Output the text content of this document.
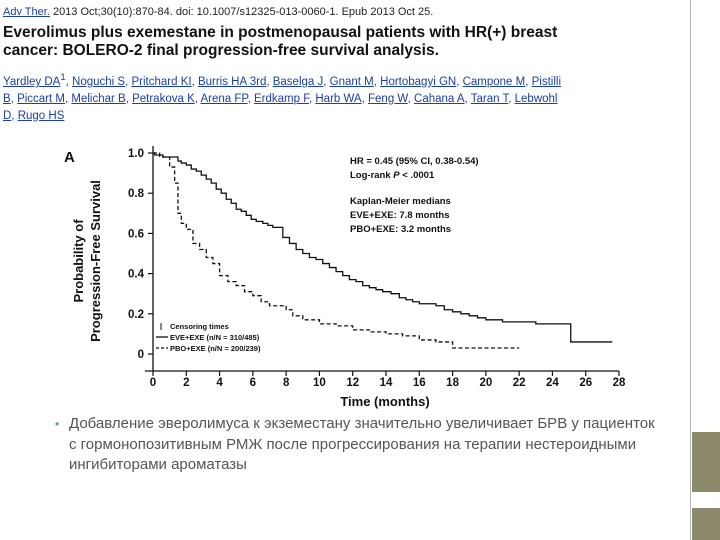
Adv Ther. 2013 Oct;30(10):870-84. doi: 10.1007/s12325-013-0060-1. Epub 2013 Oct 25.
Everolimus plus exemestane in postmenopausal patients with HR(+) breast cancer: BOLERO-2 final progression-free survival analysis.
Yardley $DA^1$, Noguchi S, Pritchard KI, Burris HA 3rd, Baselga J, Gnant M, Hortobagyi GN, Campone M, Pistilli B, Piccart M, Melichar B, Petrakova K, Arena FP, Erdkamp F, Harb WA, Feng W, Cahana A, Taran T, Lebwohl D, Rugo HS
0
0.2
0.4
0.6
0.8
1.0
0 2 4 6 8 10 12 14 16 18 20 22 24 26 28
A
Probability of Progression-Free Survival
Time (months)
HR = 0.45 (95% CI, 0.38-0.54)
Log-rank P < .0001
Kaplan-Meier medians
EVE+EXE: 7.8 months
PBO+EXE: 3.2 months
Censoring times
EVE+EXE (n/N = 310/485)
PBO+EXE (n/N = 200/239)
• Добавление эверолимуса к экземестану значительно увеличивает БРВ у пациенток с гормонопозитивным РМЖ после прогрессирования на терапии нестероидными ингибиторами ароматазы
